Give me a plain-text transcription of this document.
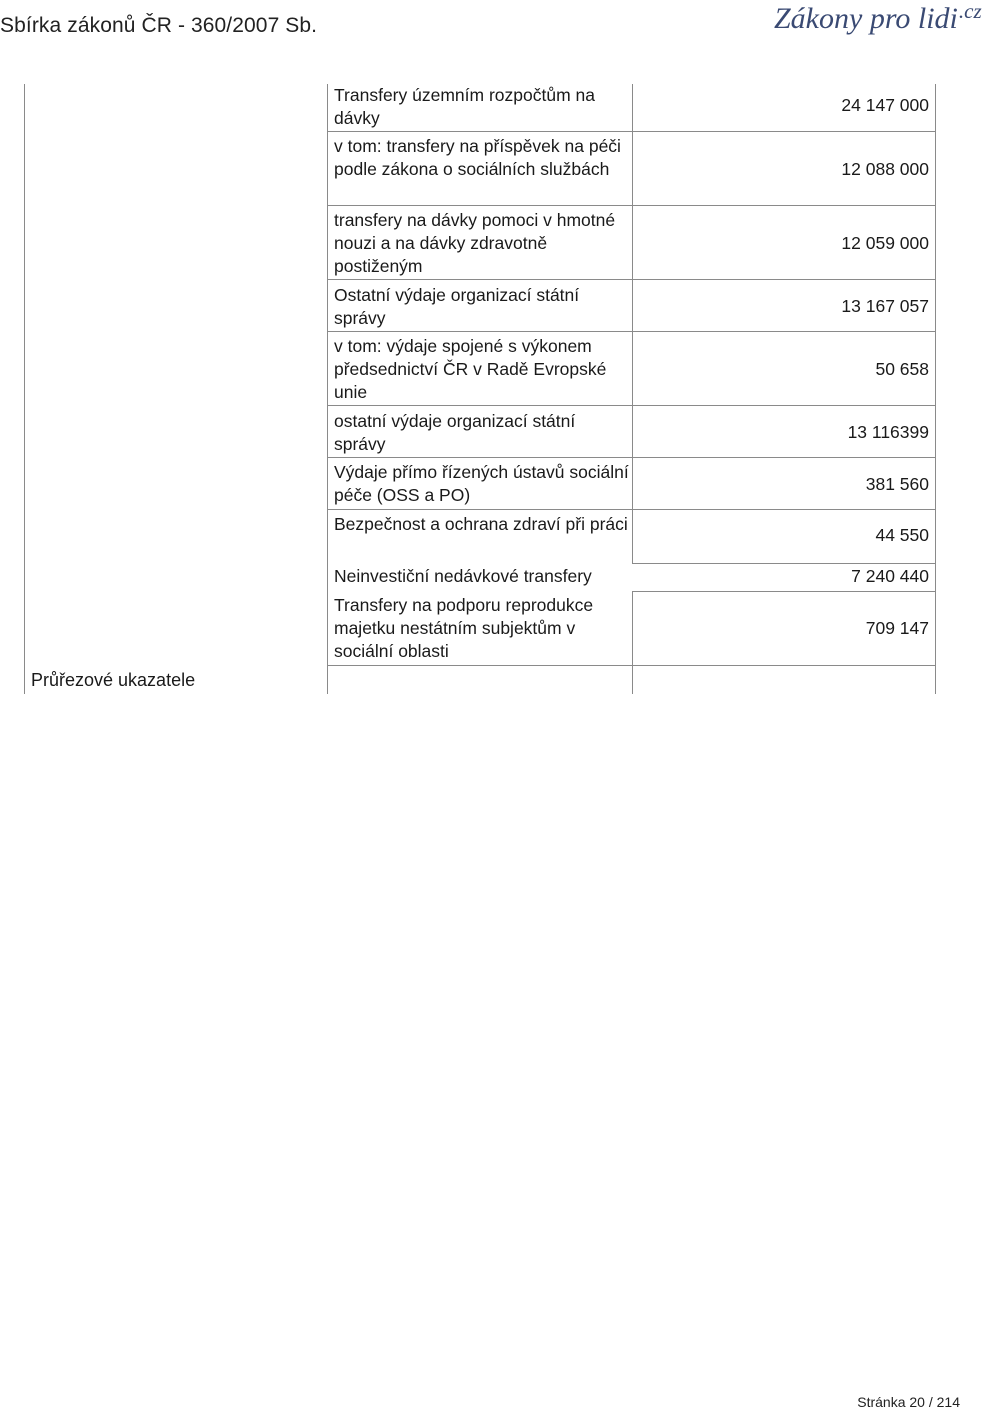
Sbírka zákonů ČR - 360/2007 Sb.	Zákony pro lidi$^{.cz}$
Transfery územním rozpočtům na dávky
v tom: transfery na příspěvek na péči podle zákona o sociálních službách
transfery na dávky pomoci v hmotné nouzi a na dávky zdravotně postiženým
Ostatní výdaje organizací státní správy
v tom: výdaje spojené s výkonem předsednictví ČR v Radě Evropské unie
ostatní výdaje organizací státní správy
Výdaje přímo řízených ústavů sociální péče (OSS a PO)
Bezpečnost a ochrana zdraví při práci
Neinvestiční nedávkové transfery
Transfery na podporu reprodukce majetku nestátním subjektům v sociální oblasti
24 147 000
12 088 000
12 059 000
13 167 057
50 658
13 116399
381 560
44 550
7 240 440
709 147
Průřezové ukazatele
Stránka 20 / 214
